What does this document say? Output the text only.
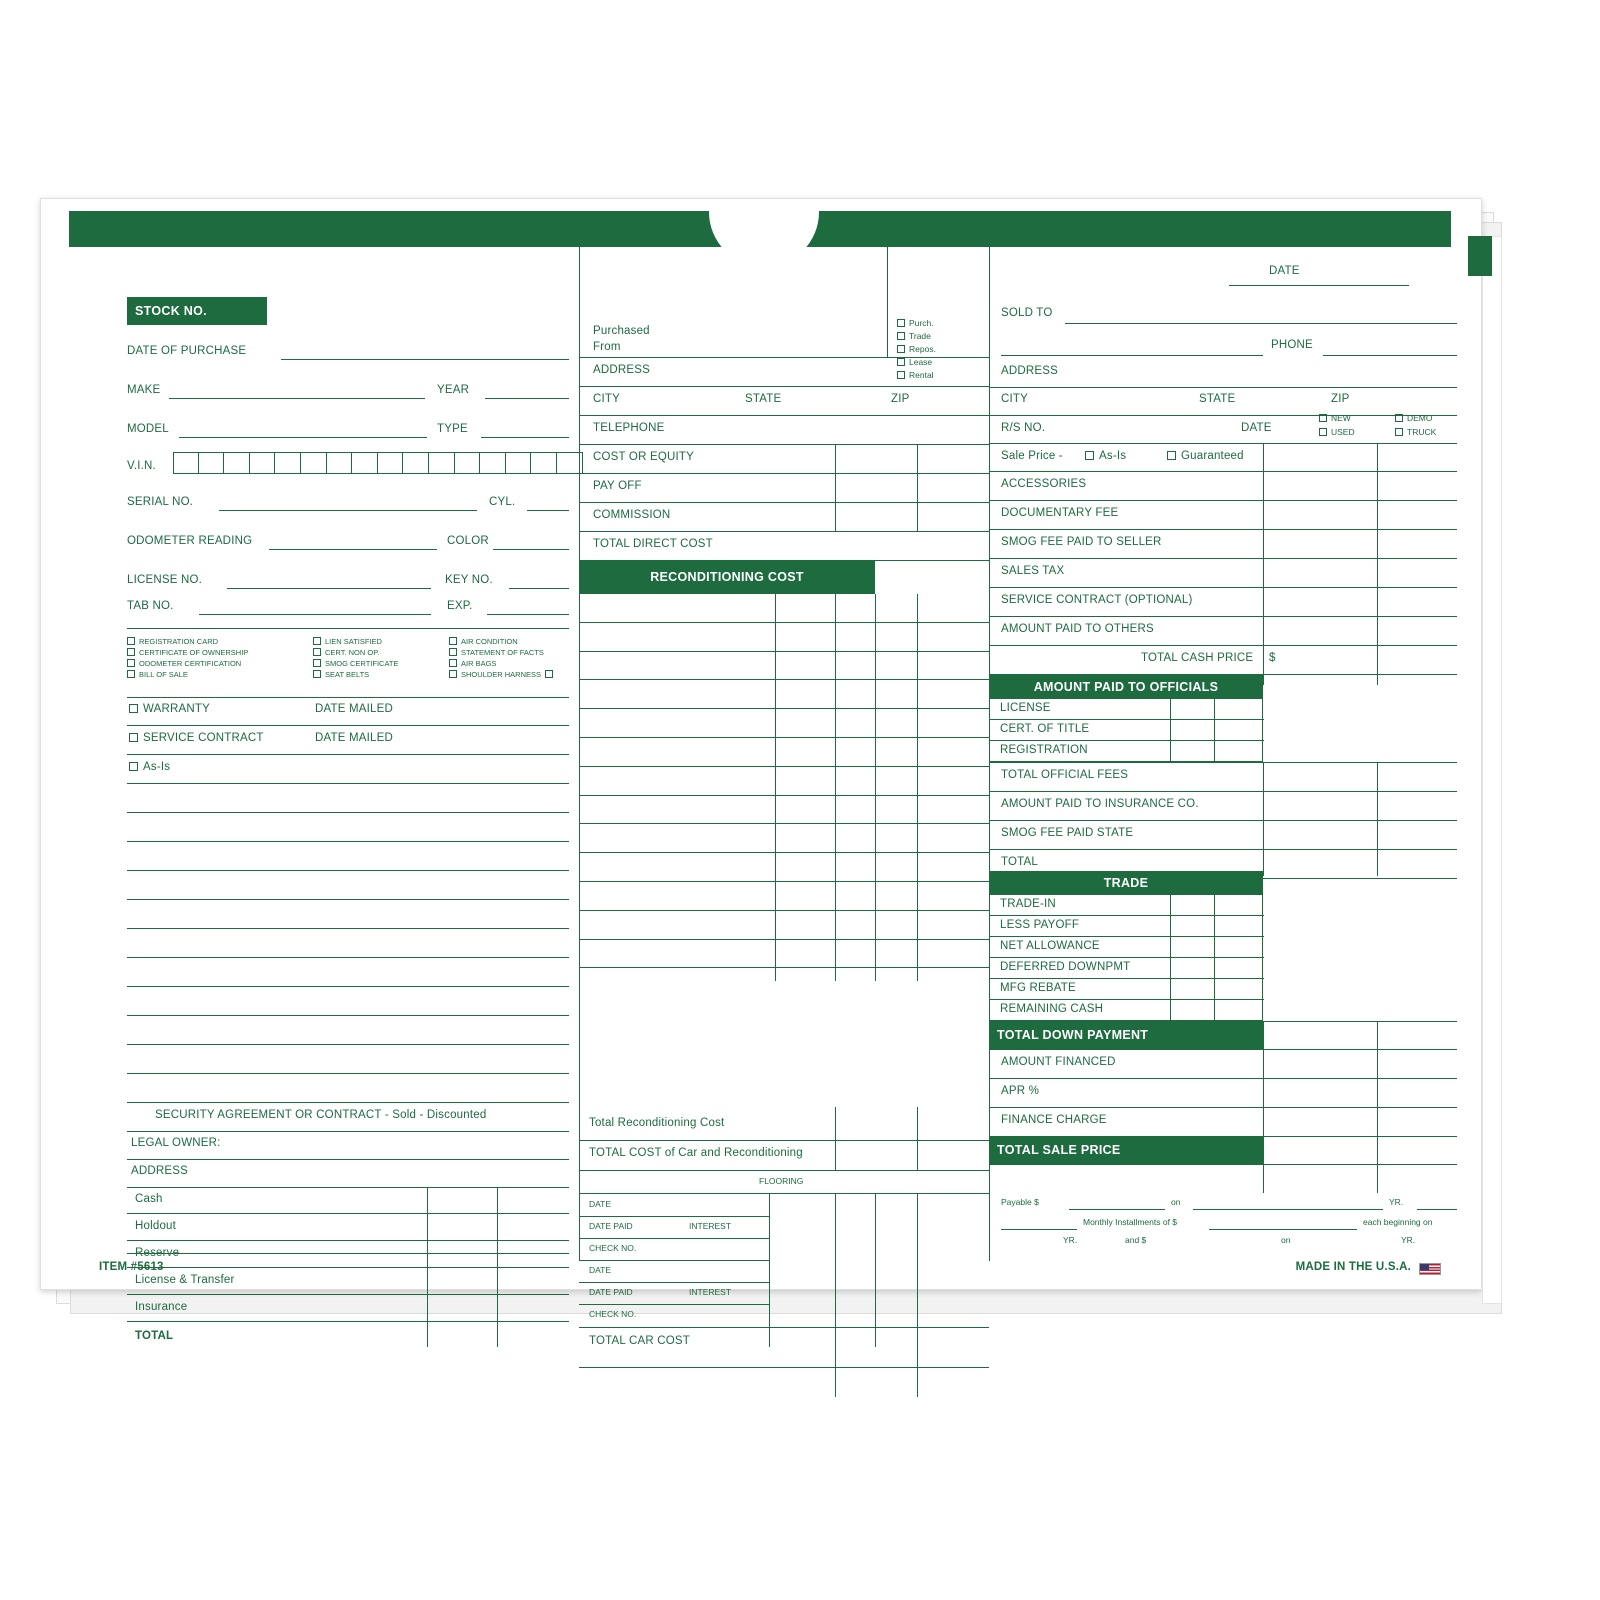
STOCK NO.
DATE OF PURCHASE
MAKE	YEAR
MODEL	TYPE
V.I.N.
SERIAL NO.	CYL.
ODOMETER READING	COLOR
LICENSE NO.	KEY NO.
TAB NO.	EXP.
REGISTRATION CARD
CERTIFICATE OF OWNERSHIP
ODOMETER CERTIFICATION
BILL OF SALE
LIEN SATISFIED
CERT. NON OP.
SMOG CERTIFICATE
SEAT BELTS
AIR CONDITION
STATEMENT OF FACTS
AIR BAGS
SHOULDER HARNESS
WARRANTY	DATE MAILED
SERVICE CONTRACT	DATE MAILED
As-Is
SECURITY AGREEMENT OR CONTRACT - Sold - Discounted
LEGAL OWNER:
ADDRESS
Cash
Holdout
Reserve
License & Transfer
Insurance
TOTAL
Purchased
From
Purch.
Trade
Repos.
Lease
Rental
ADDRESS
CITY	STATE	ZIP
TELEPHONE
COST OR EQUITY
PAY OFF
COMMISSION
TOTAL DIRECT COST
RECONDITIONING COST
Total Reconditioning Cost
TOTAL COST of Car and Reconditioning
FLOORING
DATE
DATE PAID	INTEREST
CHECK NO.
DATE
DATE PAID	INTEREST
CHECK NO.
TOTAL CAR COST
DATE
SOLD TO
PHONE
ADDRESS
CITY	STATE	ZIP
R/S NO.	DATE
NEW
USED
DEMO
TRUCK
Sale Price -	As-Is	Guaranteed
ACCESSORIES
DOCUMENTARY FEE
SMOG FEE PAID TO SELLER
SALES TAX
SERVICE CONTRACT (OPTIONAL)
AMOUNT PAID TO OTHERS
TOTAL CASH PRICE $
AMOUNT PAID TO OFFICIALS
LICENSE
CERT. OF TITLE
REGISTRATION
TOTAL OFFICIAL FEES
AMOUNT PAID TO INSURANCE CO.
SMOG FEE PAID STATE
TOTAL
TRADE
TRADE-IN
LESS PAYOFF
NET ALLOWANCE
DEFERRED DOWNPMT
MFG REBATE
REMAINING CASH
TOTAL DOWN PAYMENT
AMOUNT FINANCED
APR %
FINANCE CHARGE
TOTAL SALE PRICE
Payable $	on	YR.
Monthly Installments of $	each beginning on
YR.	and $	on	YR.
ITEM #5613	MADE IN THE U.S.A.
